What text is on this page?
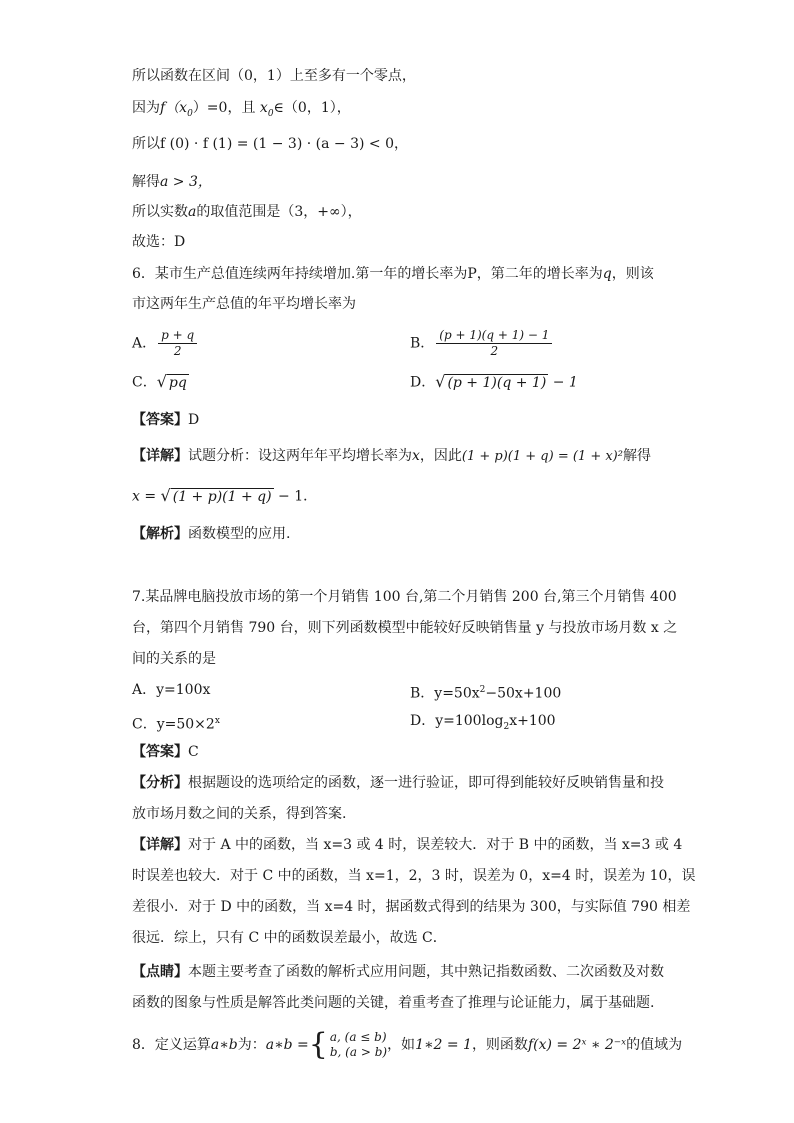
所以函数在区间（0，1）上至多有一个零点，
因为$f(x_0)=0$，且 $x_0\in(0$，1），
所以f (0) · f (1) = (1 − 3) · (a − 3) < 0，
解得a > 3，
所以实数a的取值范围是（3，+∞），
故选：D
6．某市生产总值连续两年持续增加.第一年的增长率为P，第二年的增长率为q，则该
市这两年生产总值的年平均增长率为
A． $\frac{p + q}{2}$	B． $\frac{(p + 1)(q + 1) - 1}{2}$
C．√ pq	D．√ (p + 1)(q + 1) − 1
【答案】D
【详解】试题分析：设这两年年平均增长率为x，因此(1 + p)(1 + q) = (1 + x)²解得
x = √ (1 + p)(1 + q) − 1．
【解析】函数模型的应用.
7.某品牌电脑投放市场的第一个月销售 100 台,第二个月销售 200 台,第三个月销售 400
台，第四个月销售 790 台，则下列函数模型中能较好反映销售量 y 与投放市场月数 x 之
间的关系的是
A．y=100x	B．$y=50x^2-50x+100$
C．$y=50\times 2^x$	D．$y=100\log_2x+100$
【答案】C
【分析】根据题设的选项给定的函数，逐一进行验证，即可得到能较好反映销售量和投
放市场月数之间的关系，得到答案.
【详解】对于 A 中的函数，当 x=3 或 4 时，误差较大．对于 B 中的函数，当 x=3 或 4
时误差也较大．对于 C 中的函数，当 x=1，2，3 时，误差为 0，x=4 时，误差为 10，误
差很小．对于 D 中的函数，当 x=4 时，据函数式得到的结果为 300，与实际值 790 相差
很远．综上，只有 C 中的函数误差最小，故选 C．
【点睛】本题主要考查了函数的解析式应用问题，其中熟记指数函数、二次函数及对数
函数的图象与性质是解答此类问题的关键，着重考查了推理与论证能力，属于基础题.
8．定义运算a∗b为：a∗b = { a, (a ≤ b)
b, (a > b) ，如1∗2 = 1，则函数f(x) = 2ˣ ∗ 2⁻ˣ的值域为
